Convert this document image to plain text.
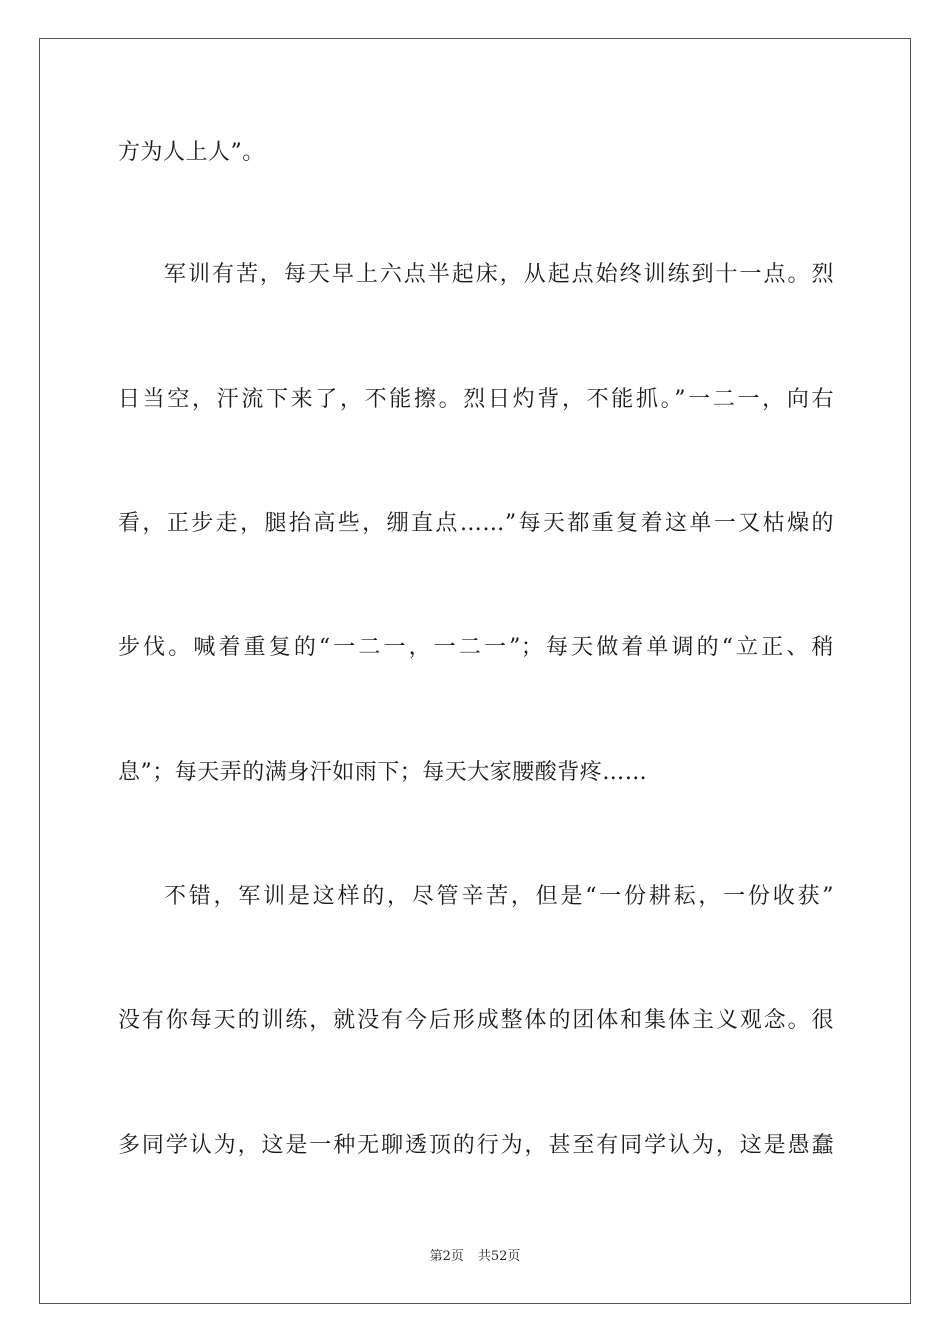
方为人上人”。
军训有苦，每天早上六点半起床，从起点始终训练到十一点。烈
日当空，汗流下来了，不能擦。烈日灼背，不能抓。”一二一，向右
看，正步走，腿抬高些，绷直点……”每天都重复着这单一又枯燥的
步伐。喊着重复的“一二一，一二一”；每天做着单调的“立正、稍
息”；每天弄的满身汗如雨下；每天大家腰酸背疼……
不错，军训是这样的，尽管辛苦，但是“一份耕耘，一份收获”
没有你每天的训练，就没有今后形成整体的团体和集体主义观念。很
多同学认为，这是一种无聊透顶的行为，甚至有同学认为，这是愚蠢
第2页 共52页
